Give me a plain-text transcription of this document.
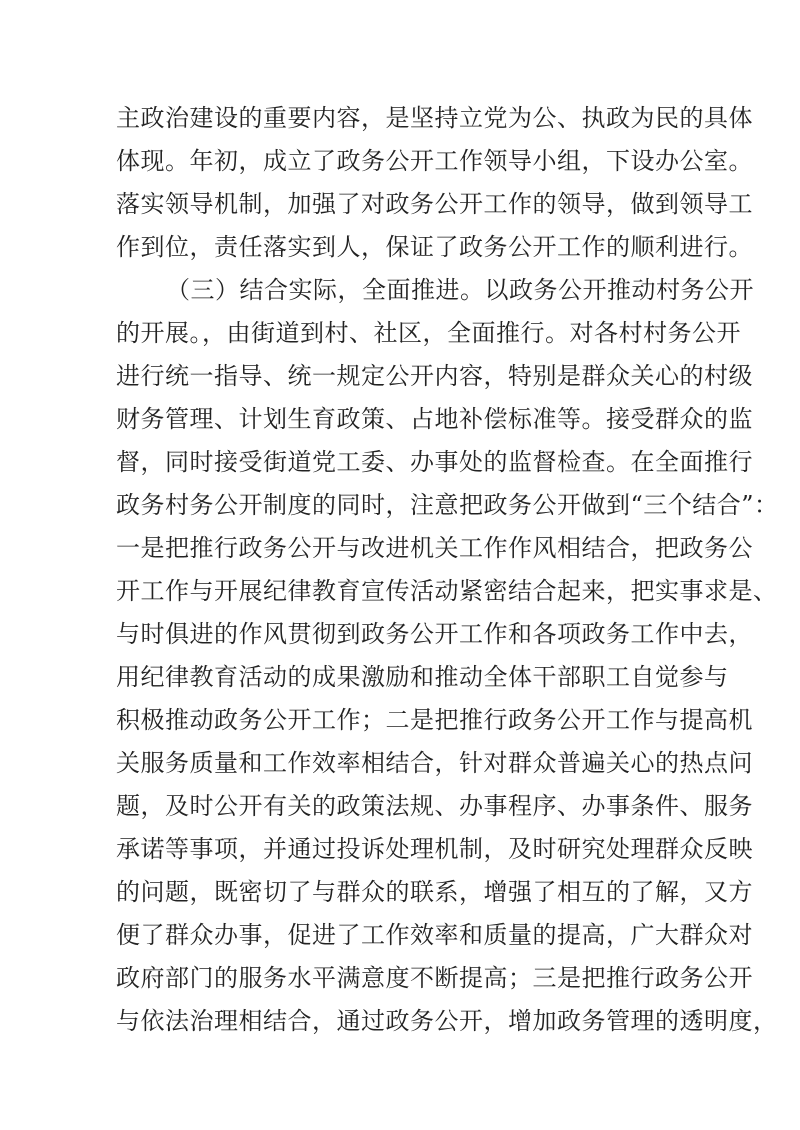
主政治建设的重要内容，是坚持立党为公、执政为民的具体
体现。年初，成立了政务公开工作领导小组，下设办公室。
落实领导机制，加强了对政务公开工作的领导，做到领导工
作到位，责任落实到人，保证了政务公开工作的顺利进行。
（三）结合实际，全面推进。以政务公开推动村务公开
的开展。，由街道到村、社区，全面推行。对各村村务公开
进行统一指导、统一规定公开内容，特别是群众关心的村级
财务管理、计划生育政策、占地补偿标准等。接受群众的监
督，同时接受街道党工委、办事处的监督检查。在全面推行
政务村务公开制度的同时，注意把政务公开做到“三个结合”：
一是把推行政务公开与改进机关工作作风相结合，把政务公
开工作与开展纪律教育宣传活动紧密结合起来，把实事求是、
与时俱进的作风贯彻到政务公开工作和各项政务工作中去，
用纪律教育活动的成果激励和推动全体干部职工自觉参与
积极推动政务公开工作；二是把推行政务公开工作与提高机
关服务质量和工作效率相结合，针对群众普遍关心的热点问
题，及时公开有关的政策法规、办事程序、办事条件、服务
承诺等事项，并通过投诉处理机制，及时研究处理群众反映
的问题，既密切了与群众的联系，增强了相互的了解，又方
便了群众办事，促进了工作效率和质量的提高，广大群众对
政府部门的服务水平满意度不断提高；三是把推行政务公开
与依法治理相结合，通过政务公开，增加政务管理的透明度，
